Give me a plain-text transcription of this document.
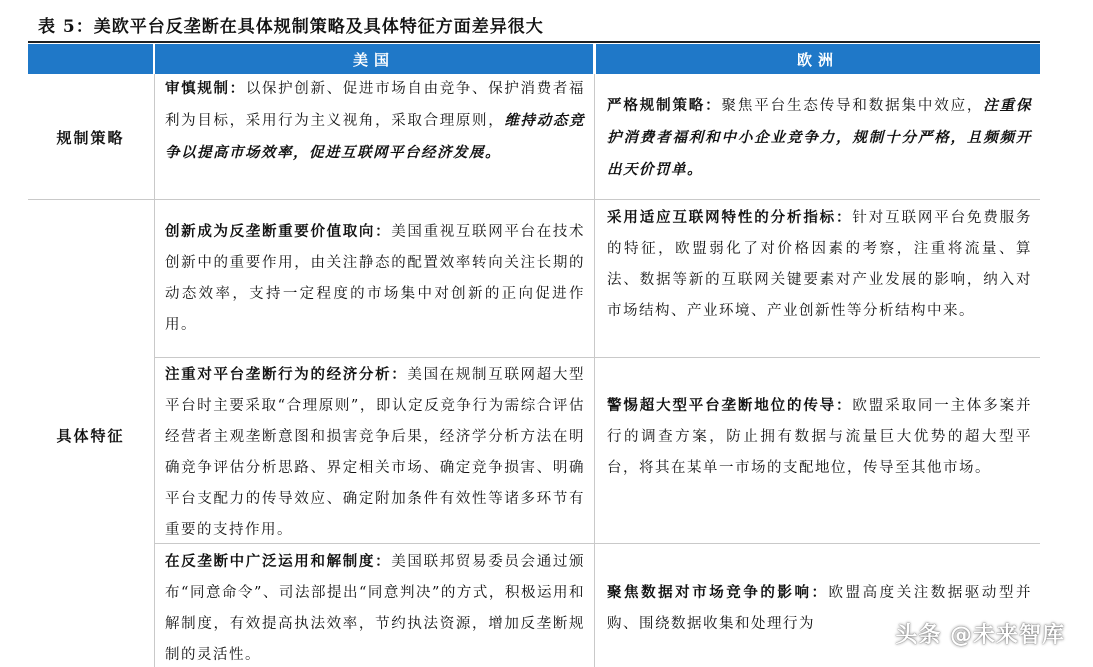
表 5：美欧平台反垄断在具体规制策略及具体特征方面差异很大
美国	欧洲
规制策略
具体特征
审慎规制：以保护创新、促进市场自由竞争、保护消费者福利为目标，采用行为主义视角，采取合理原则，维持动态竞争以提高市场效率，促进互联网平台经济发展。
严格规制策略：聚焦平台生态传导和数据集中效应，注重保护消费者福利和中小企业竞争力，规制十分严格，且频频开出天价罚单。
创新成为反垄断重要价值取向：美国重视互联网平台在技术创新中的重要作用，由关注静态的配置效率转向关注长期的动态效率，支持一定程度的市场集中对创新的正向促进作用。
采用适应互联网特性的分析指标：针对互联网平台免费服务的特征，欧盟弱化了对价格因素的考察，注重将流量、算法、数据等新的互联网关键要素对产业发展的影响，纳入对市场结构、产业环境、产业创新性等分析结构中来。
注重对平台垄断行为的经济分析：美国在规制互联网超大型平台时主要采取“合理原则”，即认定反竞争行为需综合评估经营者主观垄断意图和损害竞争后果，经济学分析方法在明确竞争评估分析思路、界定相关市场、确定竞争损害、明确平台支配力的传导效应、确定附加条件有效性等诸多环节有重要的支持作用。
警惕超大型平台垄断地位的传导：欧盟采取同一主体多案并行的调查方案，防止拥有数据与流量巨大优势的超大型平台，将其在某单一市场的支配地位，传导至其他市场。
在反垄断中广泛运用和解制度：美国联邦贸易委员会通过颁布“同意命令”、司法部提出“同意判决”的方式，积极运用和解制度，有效提高执法效率，节约执法资源，增加反垄断规制的灵活性。
聚焦数据对市场竞争的影响：欧盟高度关注数据驱动型并购、围绕数据收集和处理行为	头条 @未来智库
